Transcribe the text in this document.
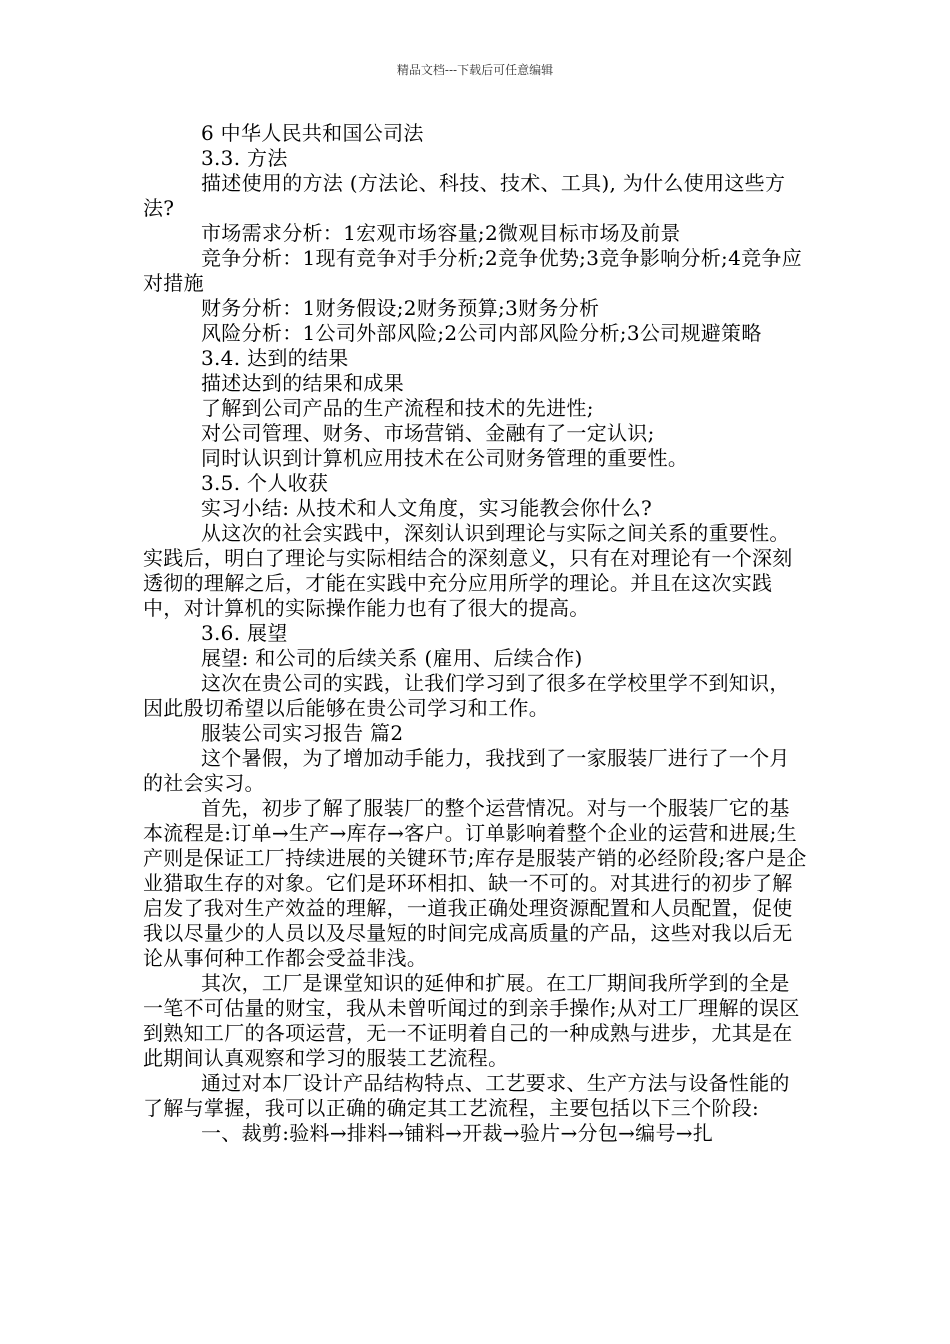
精品文档---下载后可任意编辑

6 中华人民共和国公司法

3.3. 方法

描述使用的方法 (方法论、科技、技术、工具), 为什么使用这些方法?

市场需求分析：1宏观市场容量;2微观目标市场及前景

竞争分析：1现有竞争对手分析;2竞争优势;3竞争影响分析;4竞争应对措施

财务分析：1财务假设;2财务预算;3财务分析

风险分析：1公司外部风险;2公司内部风险分析;3公司规避策略

3.4. 达到的结果

描述达到的结果和成果

了解到公司产品的生产流程和技术的先进性;

对公司管理、财务、市场营销、金融有了一定认识;

同时认识到计算机应用技术在公司财务管理的重要性。

3.5. 个人收获

实习小结: 从技术和人文角度，实习能教会你什么?

从这次的社会实践中，深刻认识到理论与实际之间关系的重要性。实践后，明白了理论与实际相结合的深刻意义，只有在对理论有一个深刻透彻的理解之后，才能在实践中充分应用所学的理论。并且在这次实践中，对计算机的实际操作能力也有了很大的提高。

3.6. 展望

展望: 和公司的后续关系 (雇用、后续合作)

这次在贵公司的实践，让我们学习到了很多在学校里学不到知识，因此殷切希望以后能够在贵公司学习和工作。

服装公司实习报告 篇2

这个暑假，为了增加动手能力，我找到了一家服装厂进行了一个月的社会实习。

首先，初步了解了服装厂的整个运营情况。对与一个服装厂它的基本流程是:订单→生产→库存→客户。订单影响着整个企业的运营和进展;生产则是保证工厂持续进展的关键环节;库存是服装产销的必经阶段;客户是企业猎取生存的对象。它们是环环相扣、缺一不可的。对其进行的初步了解启发了我对生产效益的理解，一道我正确处理资源配置和人员配置，促使我以尽量少的人员以及尽量短的时间完成高质量的产品，这些对我以后无论从事何种工作都会受益非浅。

其次，工厂是课堂知识的延伸和扩展。在工厂期间我所学到的全是一笔不可估量的财宝，我从未曾听闻过的到亲手操作;从对工厂理解的误区到熟知工厂的各项运营，无一不证明着自己的一种成熟与进步，尤其是在此期间认真观察和学习的服装工艺流程。

通过对本厂设计产品结构特点、工艺要求、生产方法与设备性能的了解与掌握，我可以正确的确定其工艺流程，主要包括以下三个阶段:

一、裁剪:验料→排料→铺料→开裁→验片→分包→编号→扎
